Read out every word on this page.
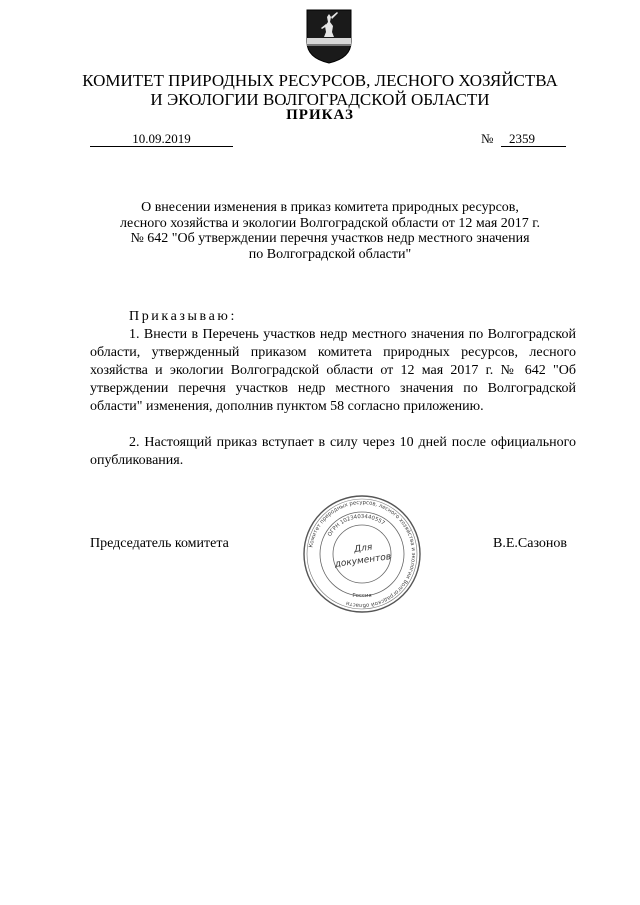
КОМИТЕТ ПРИРОДНЫХ РЕСУРСОВ, ЛЕСНОГО ХОЗЯЙСТВА
И ЭКОЛОГИИ ВОЛГОГРАДСКОЙ ОБЛАСТИ
ПРИКАЗ
10.09.2019	№	2359
О внесении изменения в приказ комитета природных ресурсов,
лесного хозяйства и экологии Волгоградской области от 12 мая 2017 г.
№ 642 "Об утверждении перечня участков недр местного значения
по Волгоградской области"
Приказываю:
1. Внести в Перечень участков недр местного значения по Волгоградской области, утвержденный приказом комитета природных ресурсов, лесного хозяйства и экологии Волгоградской области от 12 мая 2017 г. № 642 "Об утверждении перечня участков недр местного значения по Волгоградской области" изменения, дополнив пунктом 58 согласно приложению.
2. Настоящий приказ вступает в силу через 10 дней после официального опубликования.
Председатель комитета	В.Е.Сазонов
Комитет природных ресурсов, лесного хозяйства и экологии Волгоградской области
ОГРН 1023403440557
Россия
Для
документов
